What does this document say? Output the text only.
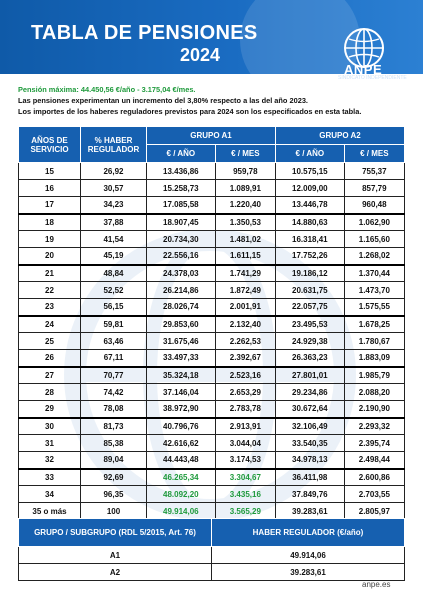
TABLA DE PENSIONES
2024
ANPE
SINDICATO INDEPENDIENTE
Pensión máxima: 44.450,56 €/año - 3.175,04 €/mes.
Las pensiones experimentan un incremento del 3,80% respecto a las del año 2023.
Los importes de los haberes reguladores previstos para 2024 son los especificados en esta tabla.
AÑOS DE SERVICIO	% HABER REGULADOR	GRUPO A1		GRUPO A2	
		€ / AÑO	€ / MES	€ / AÑO	€ / MES
15	26,92	13.436,86	959,78	10.575,15	755,37
16	30,57	15.258,73	1.089,91	12.009,00	857,79
17	34,23	17.085,58	1.220,40	13.446,78	960,48
18	37,88	18.907,45	1.350,53	14.880,63	1.062,90
19	41,54	20.734,30	1.481,02	16.318,41	1.165,60
20	45,19	22.556,16	1.611,15	17.752,26	1.268,02
21	48,84	24.378,03	1.741,29	19.186,12	1.370,44
22	52,52	26.214,86	1.872,49	20.631,75	1.473,70
23	56,15	28.026,74	2.001,91	22.057,75	1.575,55
24	59,81	29.853,60	2.132,40	23.495,53	1.678,25
25	63,46	31.675,46	2.262,53	24.929,38	1.780,67
26	67,11	33.497,33	2.392,67	26.363,23	1.883,09
27	70,77	35.324,18	2.523,16	27.801,01	1.985,79
28	74,42	37.146,04	2.653,29	29.234,86	2.088,20
29	78,08	38.972,90	2.783,78	30.672,64	2.190,90
30	81,73	40.796,76	2.913,91	32.106,49	2.293,32
31	85,38	42.616,62	3.044,04	33.540,35	2.395,74
32	89,04	44.443,48	3.174,53	34.978,13	2.498,44
33	92,69	46.265,34	3.304,67	36.411,98	2.600,86
34	96,35	48.092,20	3.435,16	37.849,76	2.703,55
35 o más	100	49.914,06	3.565,29	39.283,61	2.805,97
GRUPO / SUBGRUPO (RDL 5/2015, Art. 76)	HABER REGULADOR (€/año)
A1	49.914,06
A2	39.283,61
anpe.es
